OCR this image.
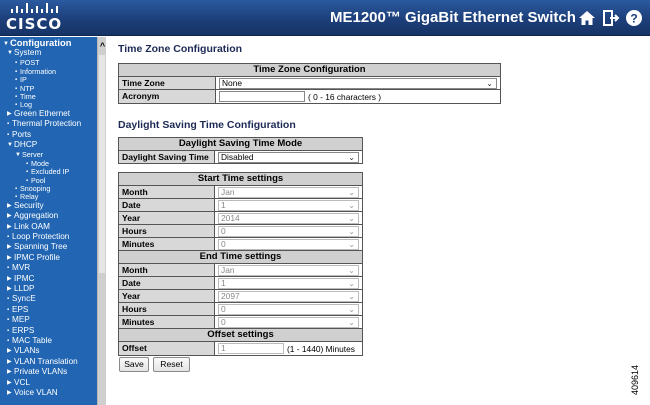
CISCO	ME1200™ GigaBit Ethernet Switch	?
▼Configuration
▼System
▪ POST
▪ Information
▪ IP
▪ NTP
▪ Time
▪ Log
▶ Green Ethernet
▪ Thermal Protection
▪ Ports
▼DHCP
▼Server
▪ Mode
▪ Excluded IP
▪ Pool
▪ Snooping
▪ Relay
▶ Security
▶ Aggregation
▶ Link OAM
▪ Loop Protection
▶ Spanning Tree
▶ IPMC Profile
▪ MVR
▶ IPMC
▶ LLDP
▪ SyncE
▪ EPS
▪ MEP
▪ ERPS
▪ MAC Table
▶ VLANs
▶ VLAN Translation
▶ Private VLANs
▶ VCL
▶ Voice VLAN
^ Time Zone Configuration
Time Zone Configuration	
Time Zone	None ⌄

Acronym	( 0 - 16 characters )
Daylight Saving Time Configuration
Daylight Saving Time Mode
Daylight Saving Time	Disabled	⌄
Start Time settings	
Month	Jan ⌄

Date	1 ⌄

Year	2014 ⌄

Hours	0 ⌄

Minutes	0 ⌄

End Time settings	
Month	Jan ⌄

Date	1 ⌄

Year	2097 ⌄

Hours	0 ⌄

Minutes	0 ⌄

Offset settings	
Offset	1 (1 - 1440) Minutes
Save	Reset
409614
